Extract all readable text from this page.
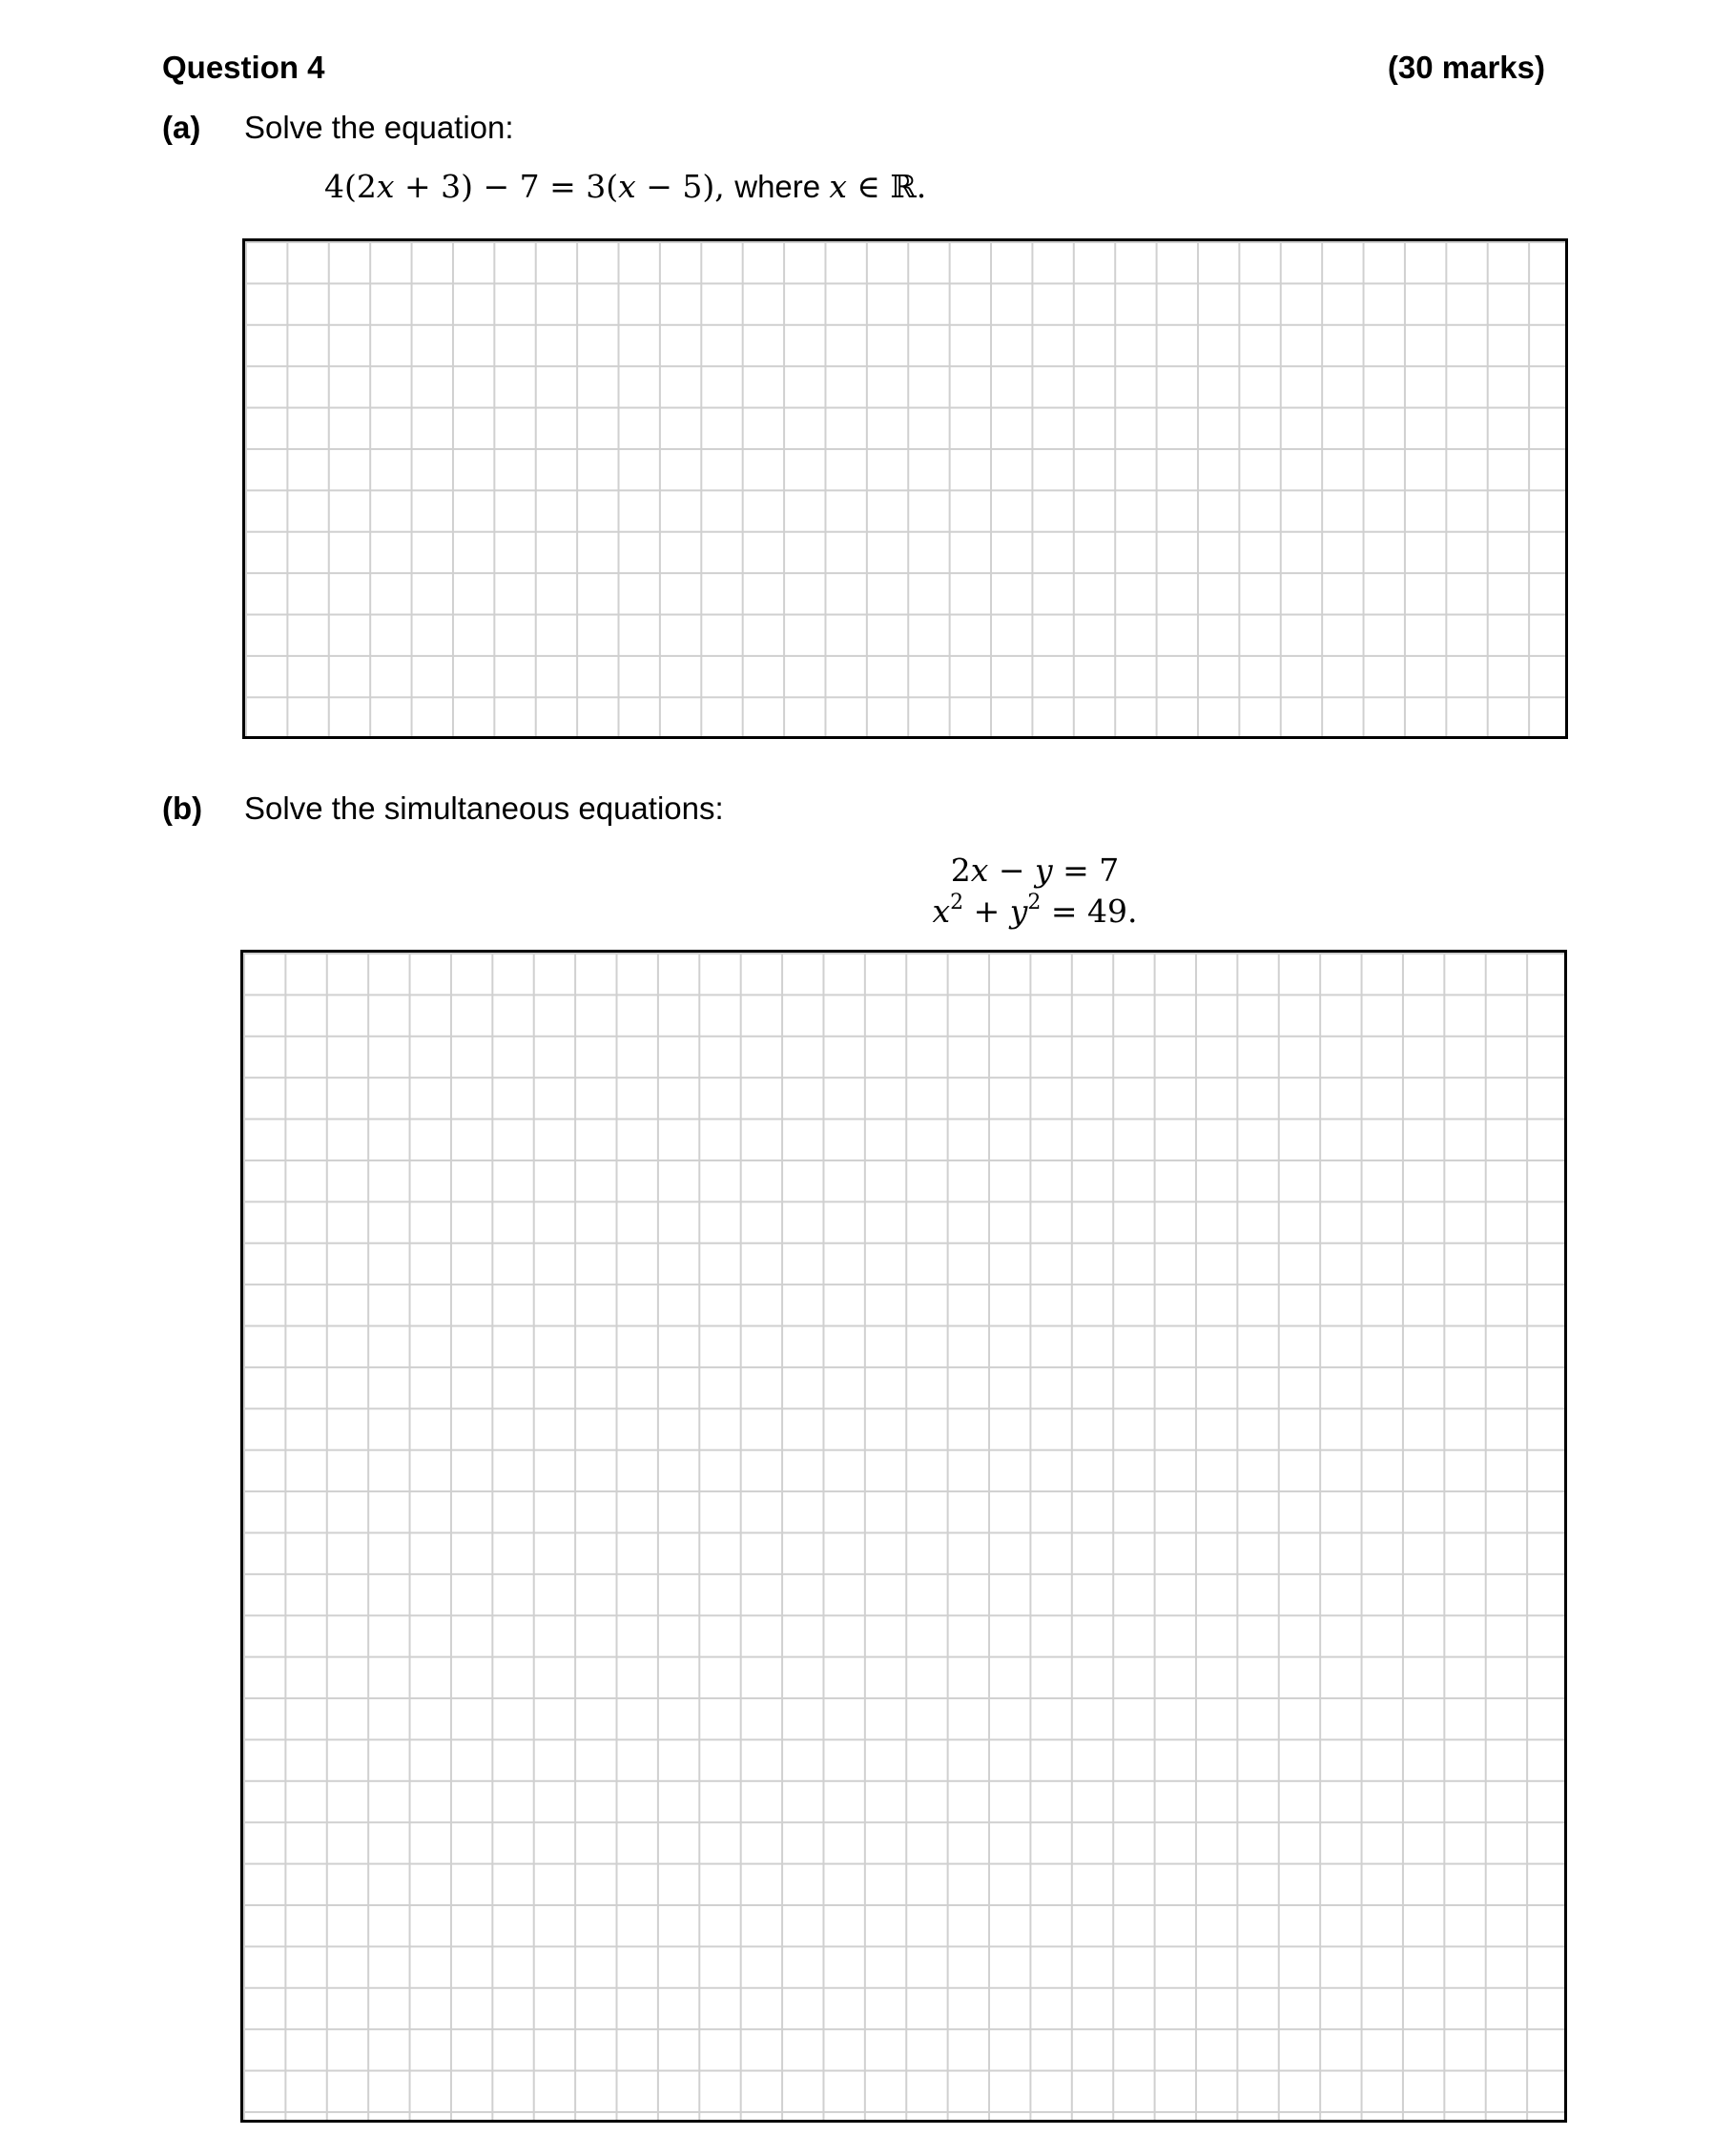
Question 4	(30 marks)
(a) Solve the equation:
4(2x + 3) − 7 = 3(x − 5), where x ∈ ℝ.
(b) Solve the simultaneous equations:
2x − y = 7
$x^2 + y^2 = 49$.
